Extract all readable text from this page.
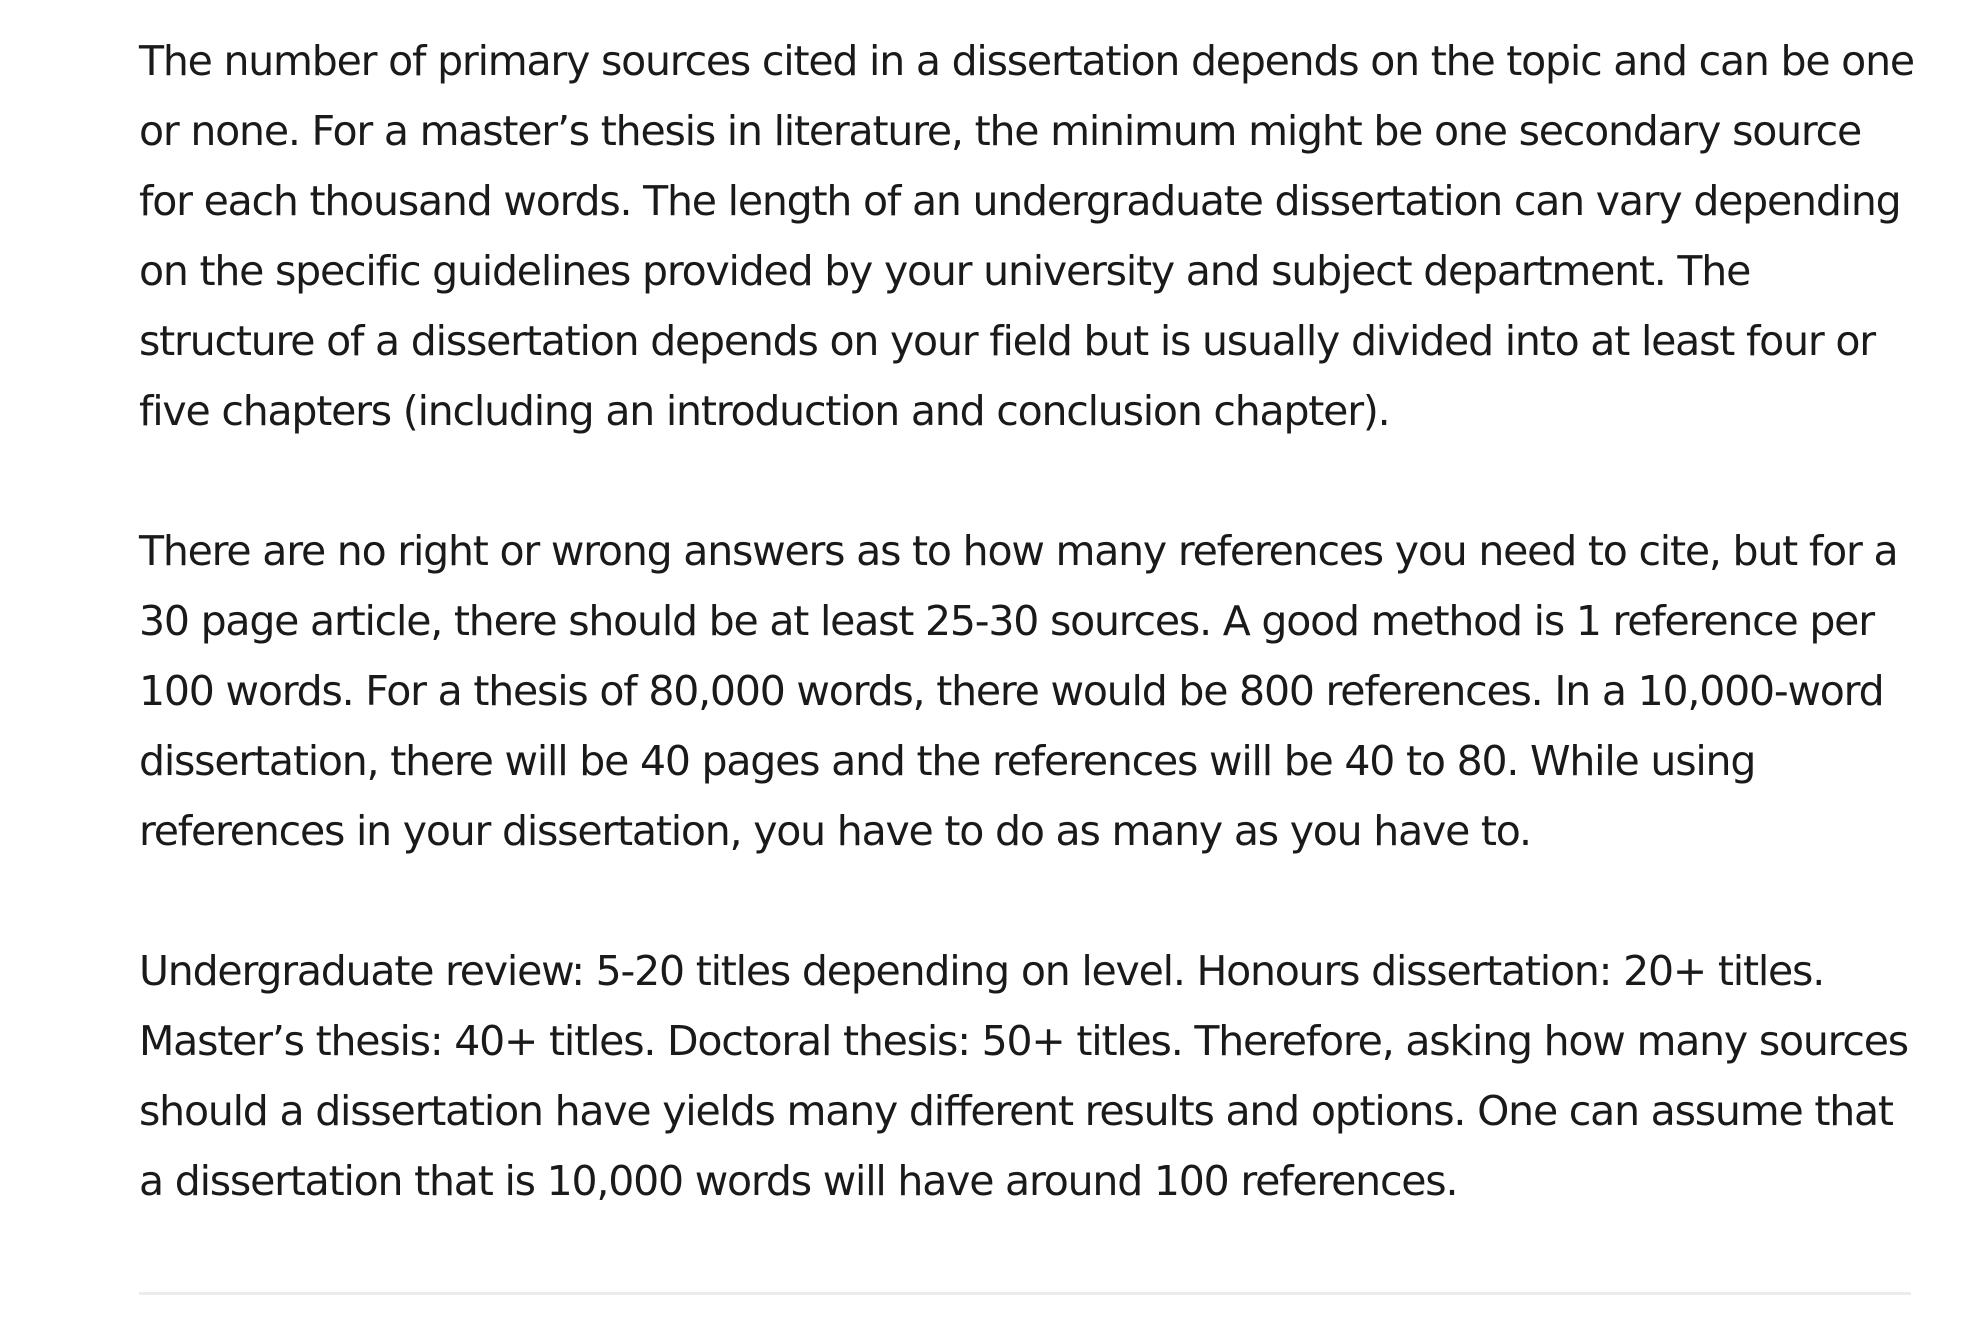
The number of primary sources cited in a dissertation depends on the topic and can be one or none. For a master’s thesis in literature, the minimum might be one secondary source for each thousand words. The length of an undergraduate dissertation can vary depending on the specific guidelines provided by your university and subject department. The structure of a dissertation depends on your field but is usually divided into at least four or five chapters (including an introduction and conclusion chapter).

There are no right or wrong answers as to how many references you need to cite, but for a 30 page article, there should be at least 25-30 sources. A good method is 1 reference per 100 words. For a thesis of 80,000 words, there would be 800 references. In a 10,000-word dissertation, there will be 40 pages and the references will be 40 to 80. While using references in your dissertation, you have to do as many as you have to.

Undergraduate review: 5-20 titles depending on level. Honours dissertation: 20+ titles. Master’s thesis: 40+ titles. Doctoral thesis: 50+ titles. Therefore, asking how many sources should a dissertation have yields many different results and options. One can assume that a dissertation that is 10,000 words will have around 100 references.
